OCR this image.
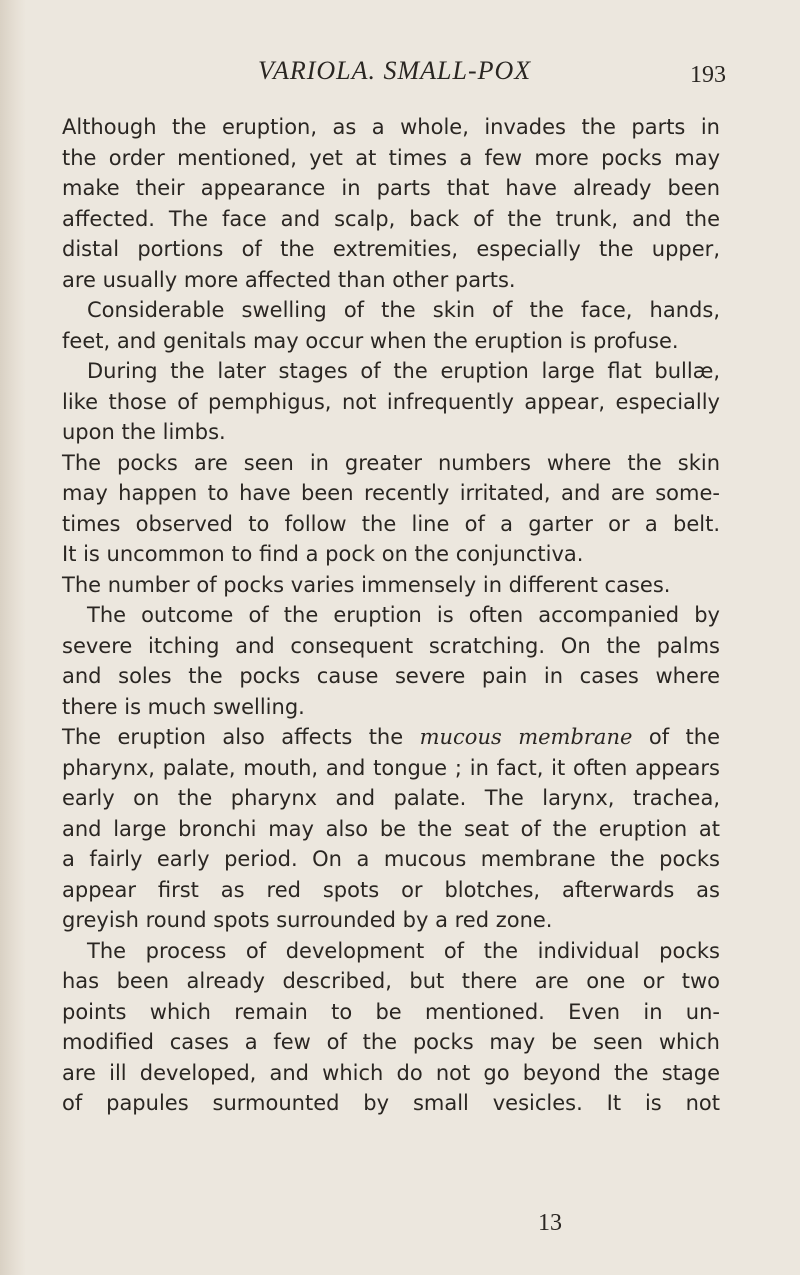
VARIOLA. SMALL-POX	193
Although the eruption, as a whole, invades the parts in
the order mentioned, yet at times a few more pocks may
make their appearance in parts that have already been
affected. The face and scalp, back of the trunk, and the
distal portions of the extremities, especially the upper,
are usually more affected than other parts.
Considerable swelling of the skin of the face, hands,
feet, and genitals may occur when the eruption is profuse.
During the later stages of the eruption large flat bullæ,
like those of pemphigus, not infrequently appear, especially
upon the limbs.
The pocks are seen in greater numbers where the skin
may happen to have been recently irritated, and are some-
times observed to follow the line of a garter or a belt.
It is uncommon to find a pock on the conjunctiva.
The number of pocks varies immensely in different cases.
The outcome of the eruption is often accompanied by
severe itching and consequent scratching. On the palms
and soles the pocks cause severe pain in cases where
there is much swelling.
The eruption also affects the mucous membrane of the
pharynx, palate, mouth, and tongue ; in fact, it often appears
early on the pharynx and palate. The larynx, trachea,
and large bronchi may also be the seat of the eruption at
a fairly early period. On a mucous membrane the pocks
appear first as red spots or blotches, afterwards as
greyish round spots surrounded by a red zone.
The process of development of the individual pocks
has been already described, but there are one or two
points which remain to be mentioned. Even in un-
modified cases a few of the pocks may be seen which
are ill developed, and which do not go beyond the stage
of papules surmounted by small vesicles. It is not
13
